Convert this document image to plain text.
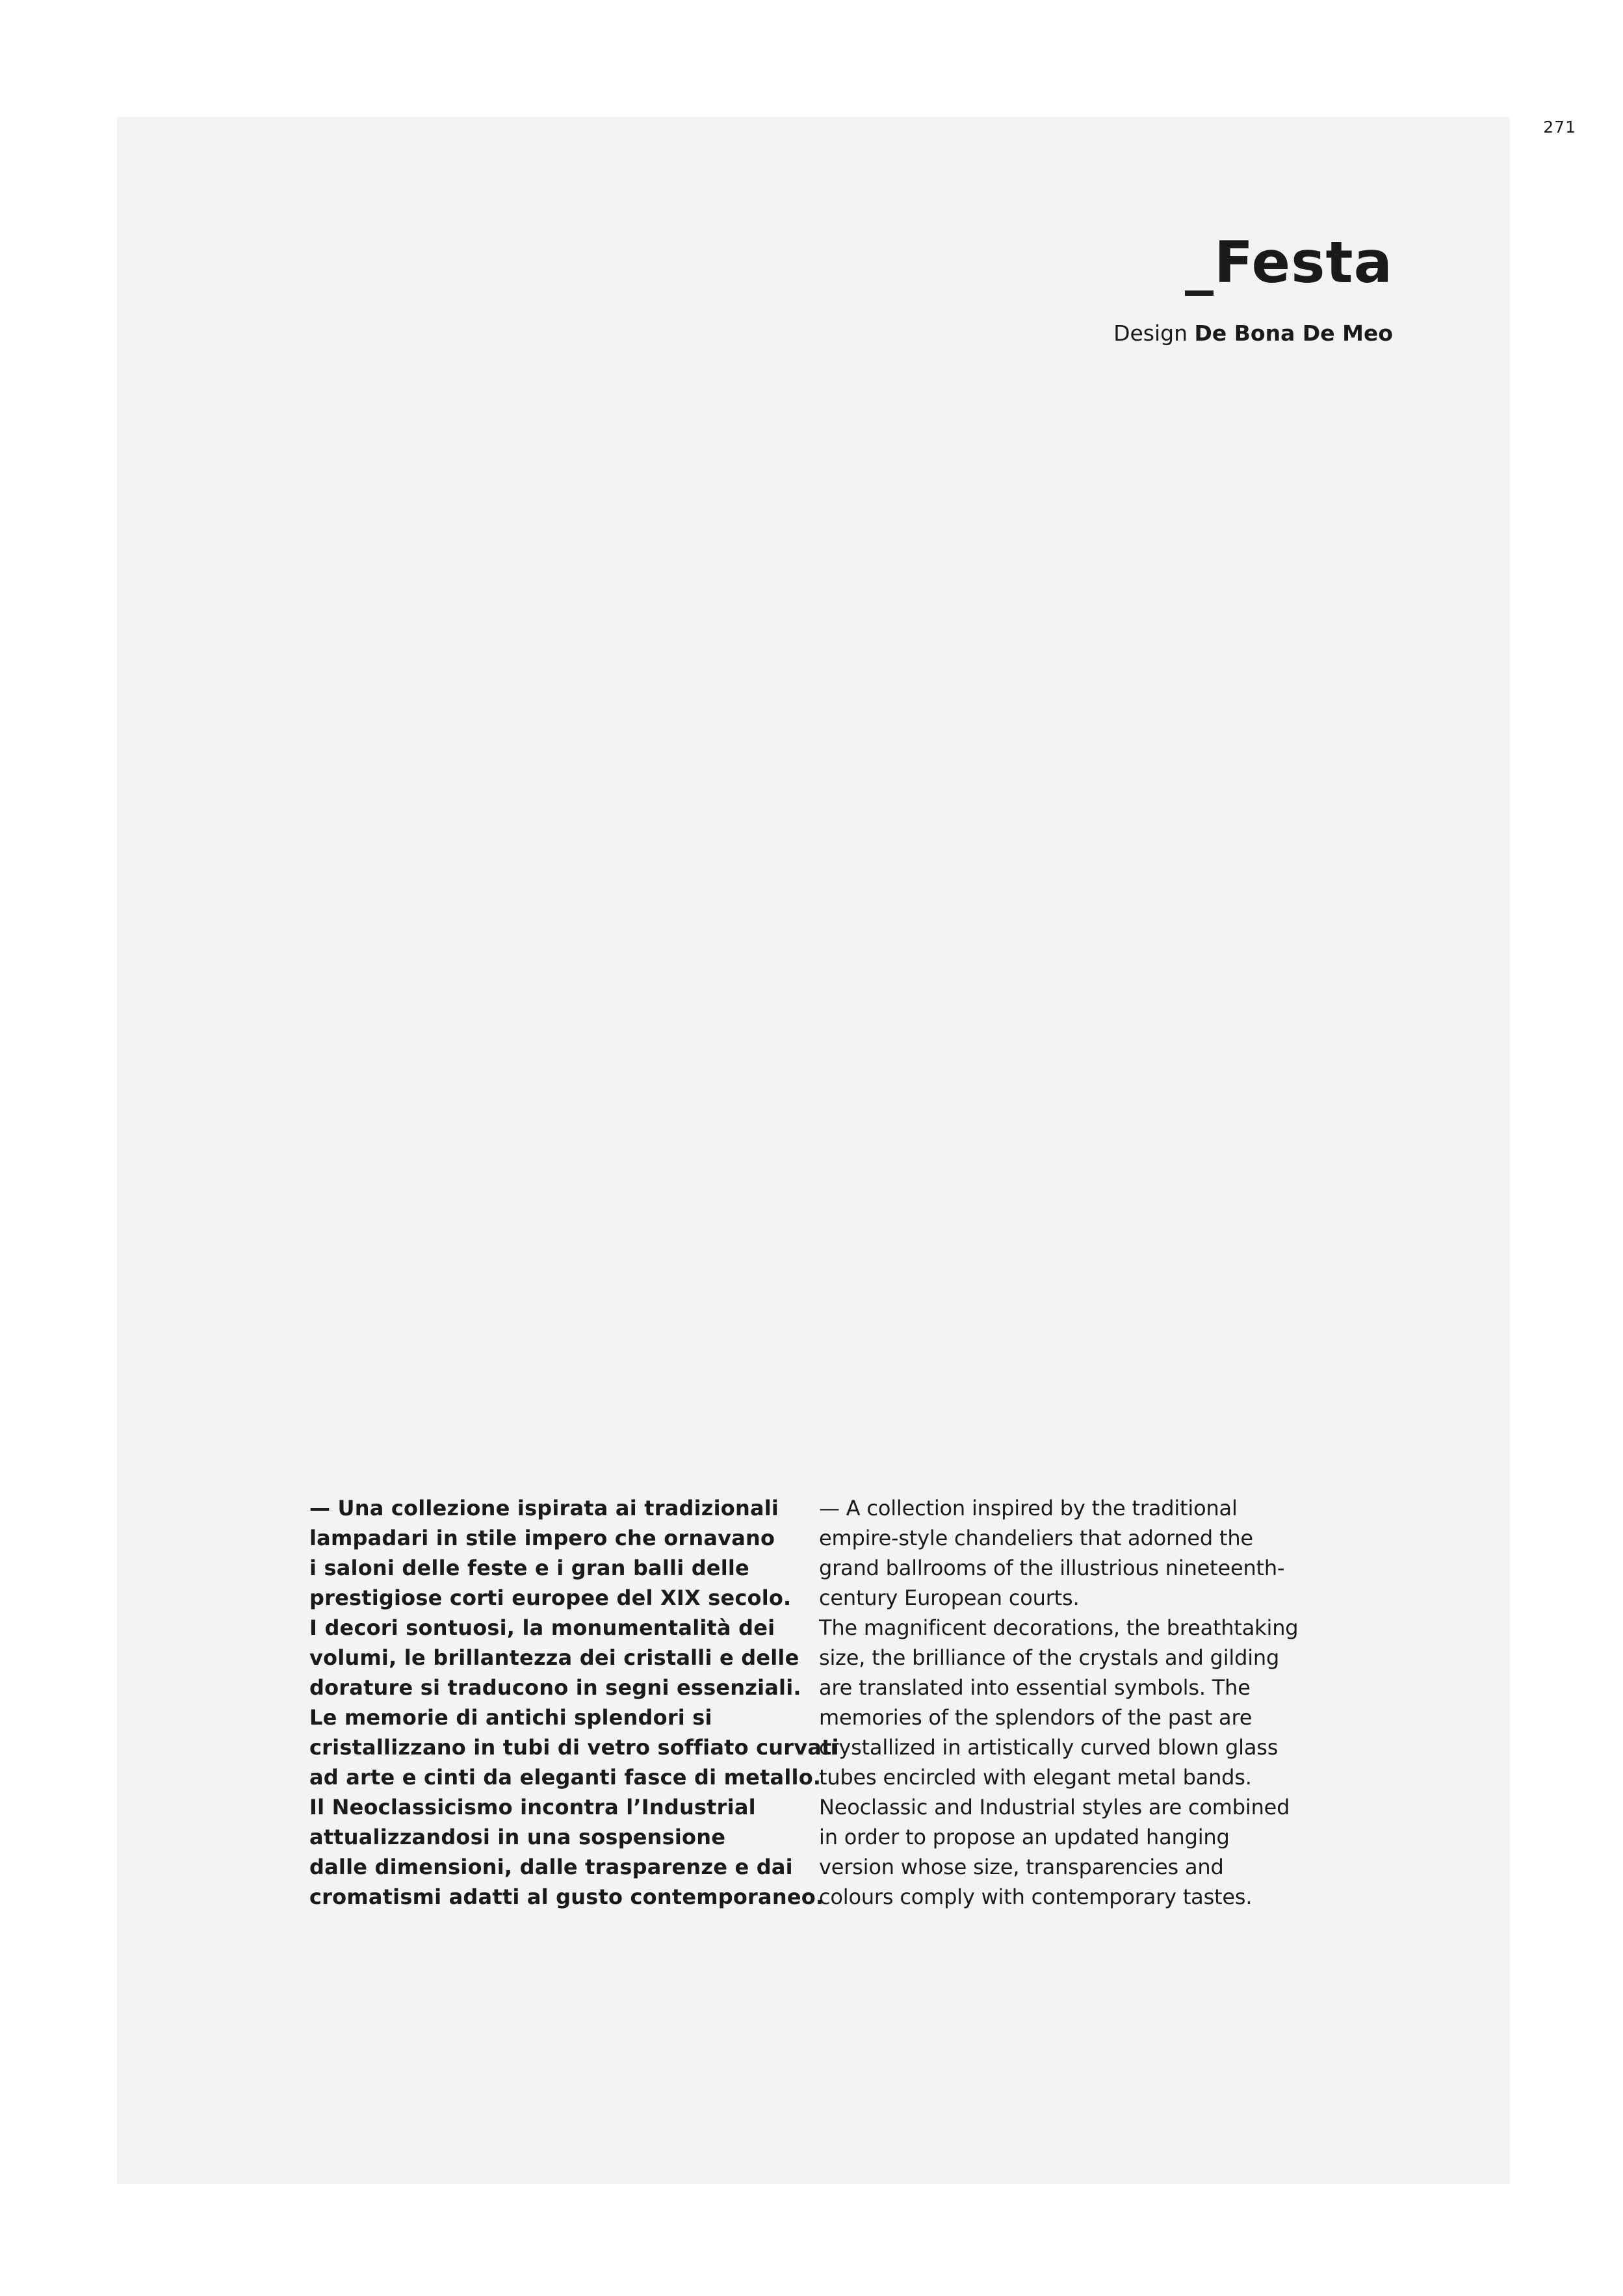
271
_Festa
Design De Bona De Meo
— Una collezione ispirata ai tradizionali
lampadari in stile impero che ornavano
i saloni delle feste e i gran balli delle
prestigiose corti europee del XIX secolo.
I decori sontuosi, la monumentalità dei
volumi, le brillantezza dei cristalli e delle
dorature si traducono in segni essenziali.
Le memorie di antichi splendori si
cristallizzano in tubi di vetro soffiato curvati
ad arte e cinti da eleganti fasce di metallo.
Il Neoclassicismo incontra l’Industrial
attualizzandosi in una sospensione
dalle dimensioni, dalle trasparenze e dai
cromatismi adatti al gusto contemporaneo.
— A collection inspired by the traditional
empire-style chandeliers that adorned the
grand ballrooms of the illustrious nineteenth-
century European courts.
The magnificent decorations, the breathtaking
size, the brilliance of the crystals and gilding
are translated into essential symbols. The
memories of the splendors of the past are
crystallized in artistically curved blown glass
tubes encircled with elegant metal bands.
Neoclassic and Industrial styles are combined
in order to propose an updated hanging
version whose size, transparencies and
colours comply with contemporary tastes.
